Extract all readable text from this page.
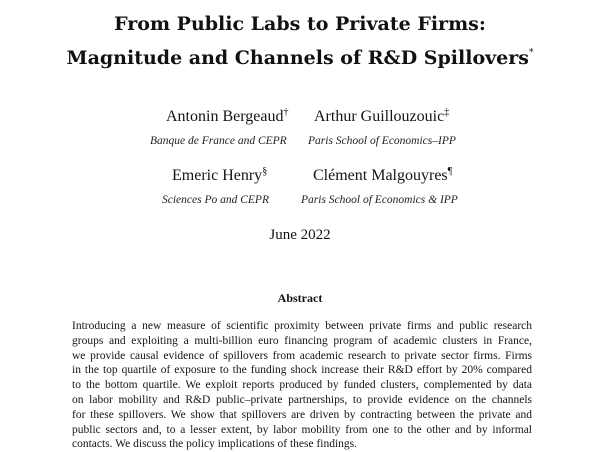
From Public Labs to Private Firms:
Magnitude and Channels of R&D Spillovers*
Antonin Bergeaud†
Banque de France and CEPR
Arthur Guillouzouic‡
Paris School of Economics–IPP
Emeric Henry§
Sciences Po and CEPR
Clément Malgouyres¶
Paris School of Economics & IPP
June 2022
Abstract
Introducing a new measure of scientific proximity between private firms and public research
groups and exploiting a multi-billion euro financing program of academic clusters in France,
we provide causal evidence of spillovers from academic research to private sector firms. Firms
in the top quartile of exposure to the funding shock increase their R&D effort by 20% compared
to the bottom quartile. We exploit reports produced by funded clusters, complemented by data
on labor mobility and R&D public–private partnerships, to provide evidence on the channels
for these spillovers. We show that spillovers are driven by contracting between the private and
public sectors and, to a lesser extent, by labor mobility from one to the other and by informal
contacts. We discuss the policy implications of these findings.
